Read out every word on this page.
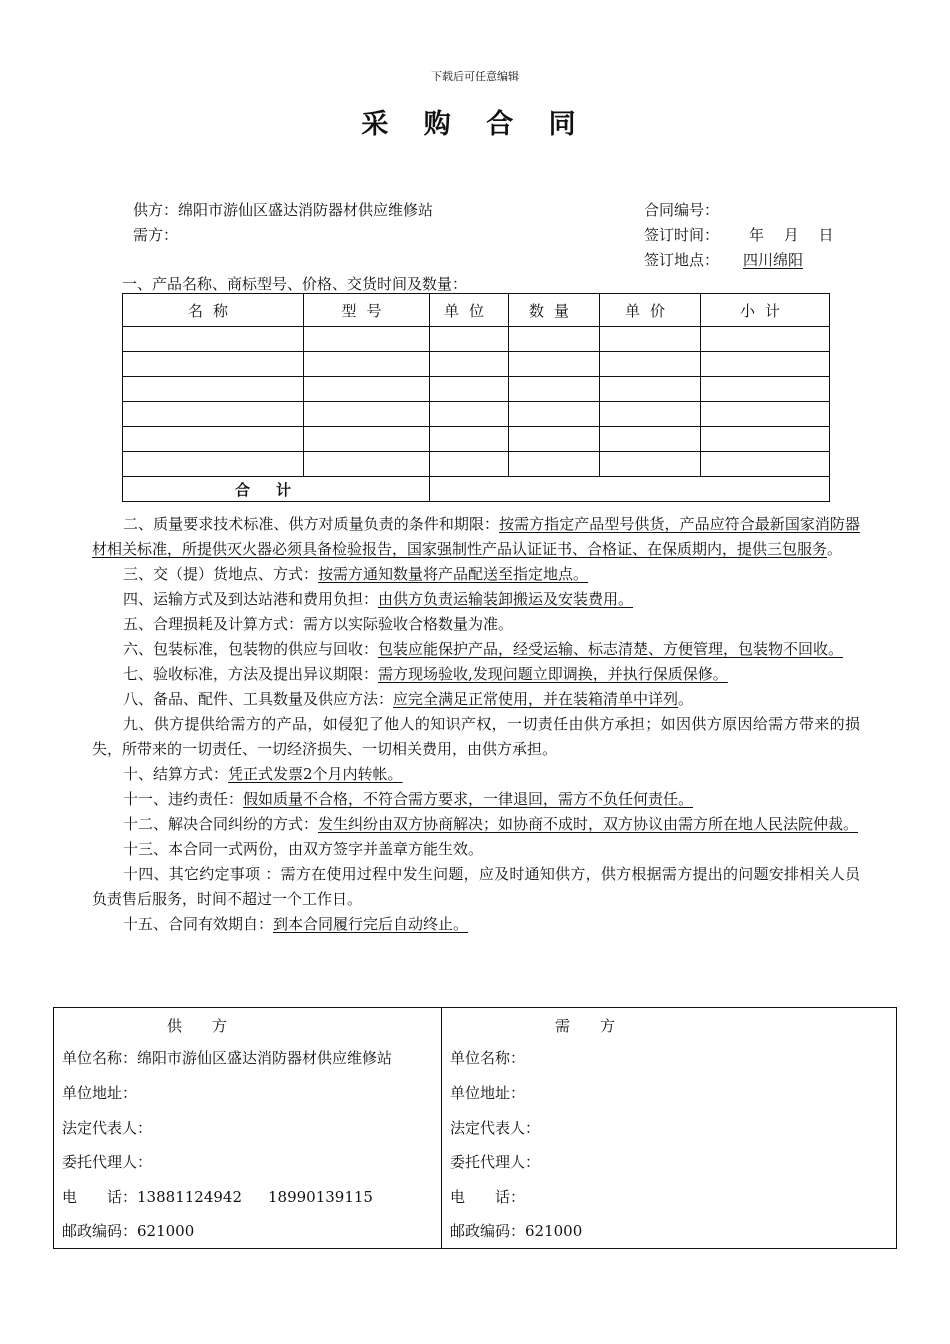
下载后可任意编辑
采 购 合 同
供方：绵阳市游仙区盛达消防器材供应维修站
需方：
合同编号：
签订时间： 年　 月　 日
签订地点： 四川绵阳
一、产品名称、商标型号、价格、交货时间及数量：
名称	型号	单位	数量	单价	小计

合计					

二、质量要求技术标准、供方对质量负责的条件和期限：按需方指定产品型号供货，产品应符合最新国家消防器材相关标准，所提供灭火器必须具备检验报告，国家强制性产品认证证书、合格证、在保质期内，提供三包服务。

三、交（提）货地点、方式：按需方通知数量将产品配送至指定地点。

四、运输方式及到达站港和费用负担：由供方负责运输装卸搬运及安装费用。

五、合理损耗及计算方式：需方以实际验收合格数量为准。

六、包装标准，包装物的供应与回收：包装应能保护产品，经受运输、标志清楚、方便管理，包装物不回收。

七、验收标准，方法及提出异议期限：需方现场验收,发现问题立即调换，并执行保质保修。

八、备品、配件、工具数量及供应方法：应完全满足正常使用，并在装箱清单中详列。

九、供方提供给需方的产品，如侵犯了他人的知识产权，一切责任由供方承担；如因供方原因给需方带来的损失，所带来的一切责任、一切经济损失、一切相关费用，由供方承担。

十、结算方式：凭正式发票2个月内转帐。

十一、违约责任：假如质量不合格，不符合需方要求，一律退回，需方不负任何责任。

十二、解决合同纠纷的方式：发生纠纷由双方协商解决；如协商不成时，双方协议由需方所在地人民法院仲裁。

十三、本合同一式两份，由双方签字并盖章方能生效。

十四、其它约定事项 ：需方在使用过程中发生问题，应及时通知供方，供方根据需方提出的问题安排相关人员负责售后服务，时间不超过一个工作日。

十五、合同有效期自：到本合同履行完后自动终止。

供方
单位名称：绵阳市游仙区盛达消防器材供应维修站
单位地址：
法定代表人：
委托代理人：
电　　话：13881124942 18990139115
邮政编码：621000
需方
单位名称：
单位地址：
法定代表人：
委托代理人：
电　　话：
邮政编码：621000
